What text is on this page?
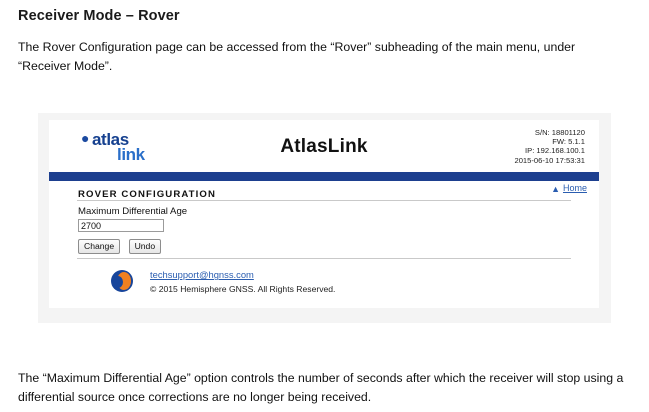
Receiver Mode – Rover
The Rover Configuration page can be accessed from the “Rover” subheading of the main menu, under “Receiver Mode”.
● atlas
link	AtlasLink
S/N: 18801120
FW: 5.1.1
IP: 192.168.100.1
2015-06-10 17:53:31
▲ Home
ROVER CONFIGURATION
Maximum Differential Age
2700
Change Undo
techsupport@hgnss.com
© 2015 Hemisphere GNSS. All Rights Reserved.
The “Maximum Differential Age” option controls the number of seconds after which the receiver will stop using a differential source once corrections are no longer being received.
